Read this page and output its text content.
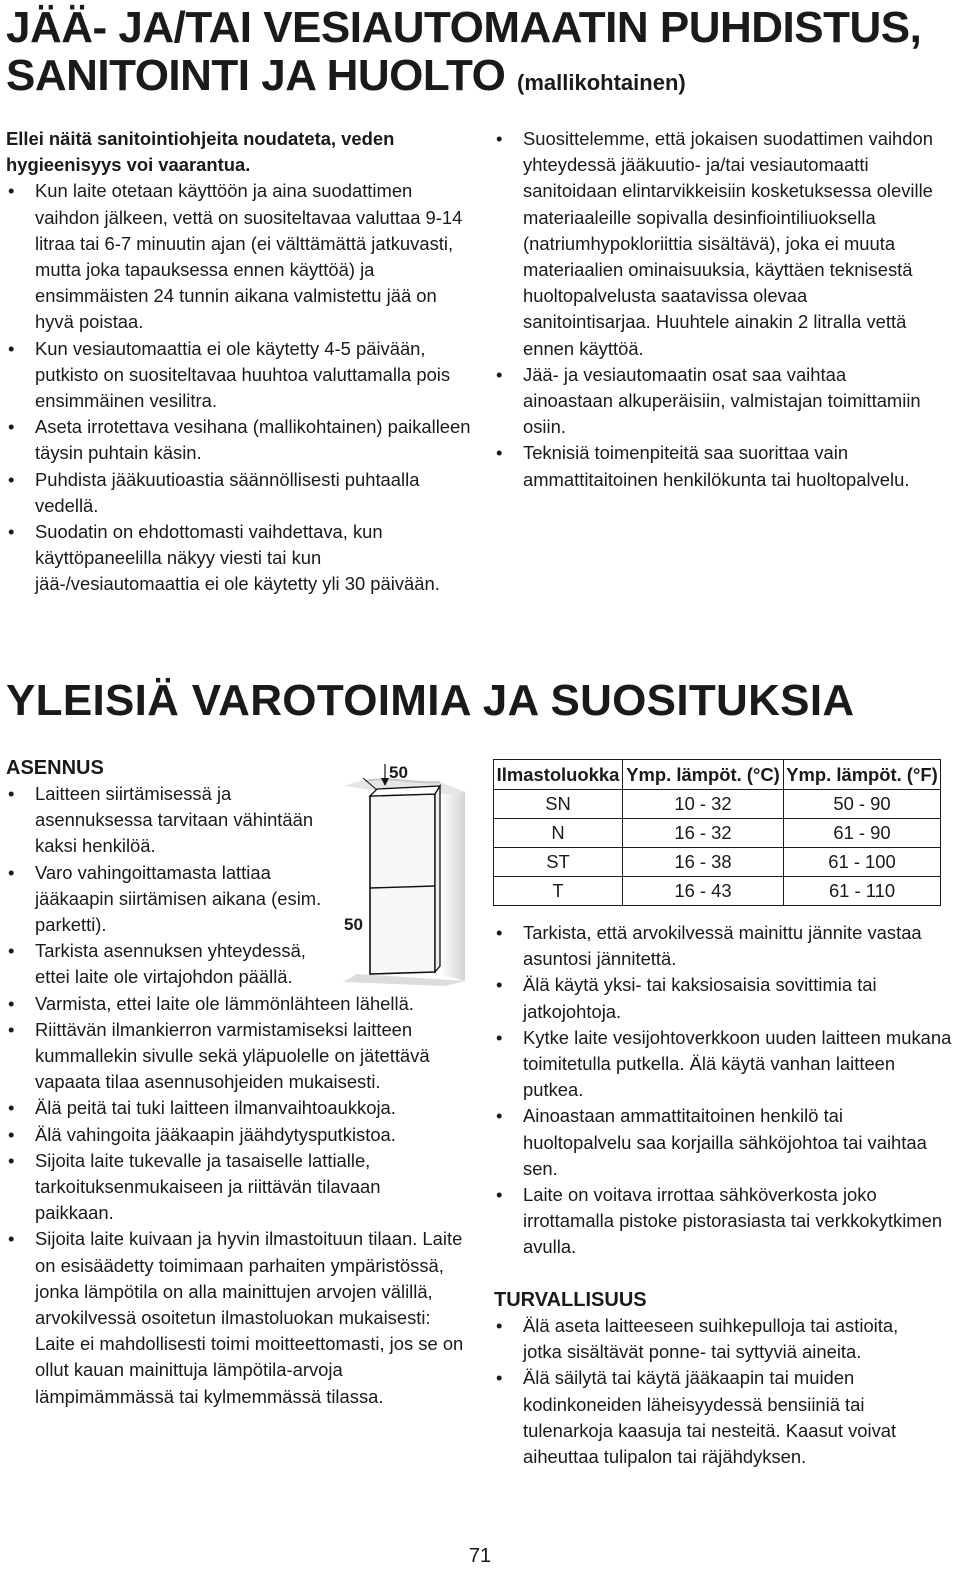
JÄÄ- JA/TAI VESIAUTOMAATIN PUHDISTUS,
SANITOINTI JA HUOLTO (mallikohtainen)

Ellei näitä sanitointiohjeita noudateta, veden hygieenisyys voi vaarantua.

• Kun laite otetaan käyttöön ja aina suodattimen vaihdon jälkeen, vettä on suositeltavaa valuttaa 9-14 litraa tai 6-7 minuutin ajan (ei välttämättä jatkuvasti, mutta joka tapauksessa ennen käyttöä) ja ensimmäisten 24 tunnin aikana valmistettu jää on hyvä poistaa.
• Kun vesiautomaattia ei ole käytetty 4-5 päivään, putkisto on suositeltavaa huuhtoa valuttamalla pois ensimmäinen vesilitra.
• Aseta irrotettava vesihana (mallikohtainen) paikalleen täysin puhtain käsin.
• Puhdista jääkuutioastia säännöllisesti puhtaalla vedellä.
• Suodatin on ehdottomasti vaihdettava, kun käyttöpaneelilla näkyy viesti tai kun jää-/vesiautomaattia ei ole käytetty yli 30 päivään.
• Suosittelemme, että jokaisen suodattimen vaihdon yhteydessä jääkuutio- ja/tai vesiautomaatti sanitoidaan elintarvikkeisiin kosketuksessa oleville materiaaleille sopivalla desinfiointiliuoksella (natriumhypokloriittia sisältävä), joka ei muuta materiaalien ominaisuuksia, käyttäen teknisestä huoltopalvelusta saatavissa olevaa sanitointisarjaa. Huuhtele ainakin 2 litralla vettä ennen käyttöä.
• Jää- ja vesiautomaatin osat saa vaihtaa ainoastaan alkuperäisiin, valmistajan toimittamiin osiin.
• Teknisiä toimenpiteitä saa suorittaa vain ammattitaitoinen henkilökunta tai huoltopalvelu.
YLEISIÄ VAROTOIMIA JA SUOSITUKSIA

ASENNUS

• Laitteen siirtämisessä ja asennuksessa tarvitaan vähintään kaksi henkilöä.
• Varo vahingoittamasta lattiaa jääkaapin siirtämisen aikana (esim. parketti).
• Tarkista asennuksen yhteydessä, ettei laite ole virtajohdon päällä.
• Varmista, ettei laite ole lämmönlähteen lähellä.
• Riittävän ilmankierron varmistamiseksi laitteen kummallekin sivulle sekä yläpuolelle on jätettävä vapaata tilaa asennusohjeiden mukaisesti.
• Älä peitä tai tuki laitteen ilmanvaihtoaukkoja.
• Älä vahingoita jääkaapin jäähdytysputkistoa.
• Sijoita laite tukevalle ja tasaiselle lattialle, tarkoituksenmukaiseen ja riittävän tilavaan paikkaan.
• Sijoita laite kuivaan ja hyvin ilmastoituun tilaan. Laite on esisäädetty toimimaan parhaiten ympäristössä, jonka lämpötila on alla mainittujen arvojen välillä, arvokilvessä osoitetun ilmastoluokan mukaisesti: Laite ei mahdollisesti toimi moitteettomasti, jos se on ollut kauan mainittuja lämpötila-arvoja lämpimämmässä tai kylmemmässä tilassa.
50
50
Ilmastoluokka	Ymp. lämpöt. (°C)	Ymp. lämpöt. (°F)
SN	10 - 32	50 - 90
N	16 - 32	61 - 90
ST	16 - 38	61 - 100
T	16 - 43	61 - 110
• Tarkista, että arvokilvessä mainittu jännite vastaa asuntosi jännitettä.
• Älä käytä yksi- tai kaksiosaisia sovittimia tai jatkojohtoja.
• Kytke laite vesijohtoverkkoon uuden laitteen mukana toimitetulla putkella. Älä käytä vanhan laitteen putkea.
• Ainoastaan ammattitaitoinen henkilö tai huoltopalvelu saa korjailla sähköjohtoa tai vaihtaa sen.
• Laite on voitava irrottaa sähköverkosta joko irrottamalla pistoke pistorasiasta tai verkkokytkimen avulla.

TURVALLISUUS

• Älä aseta laitteeseen suihkepulloja tai astioita, jotka sisältävät ponne- tai syttyviä aineita.
• Älä säilytä tai käytä jääkaapin tai muiden kodinkoneiden läheisyydessä bensiiniä tai tulenarkoja kaasuja tai nesteitä. Kaasut voivat aiheuttaa tulipalon tai räjähdyksen.
71
